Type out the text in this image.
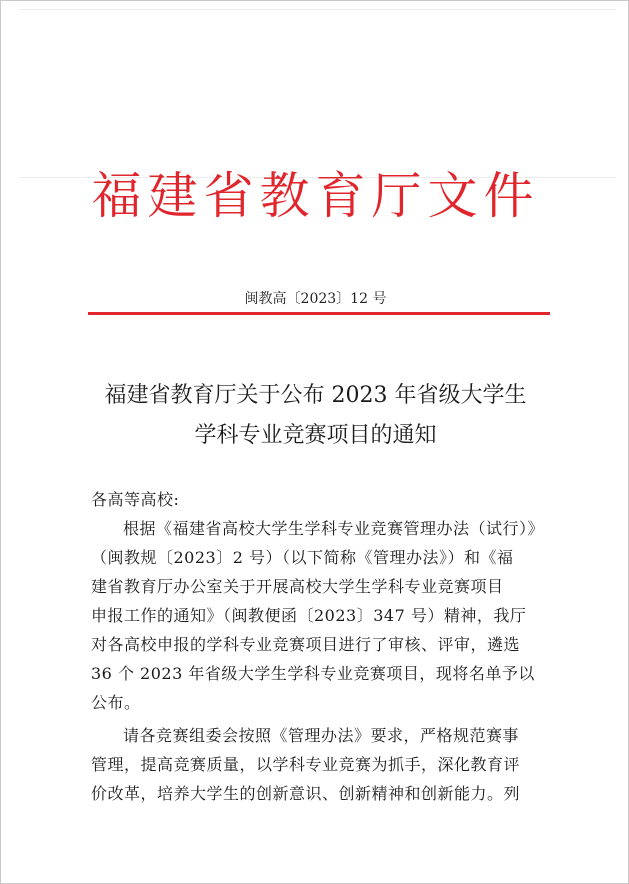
福建省教育厅文件
闽教高〔2023〕12 号
福建省教育厅关于公布 2023 年省级大学生
学科专业竞赛项目的通知
各高等高校:
根据《福建省高校大学生学科专业竞赛管理办法（试行）》
（闽教规〔2023〕2 号）（以下简称《管理办法》）和《福
建省教育厅办公室关于开展高校大学生学科专业竞赛项目
申报工作的通知》（闽教便函〔2023〕347 号）精神，我厅
对各高校申报的学科专业竞赛项目进行了审核、评审，遴选
36 个 2023 年省级大学生学科专业竞赛项目，现将名单予以
公布。
请各竞赛组委会按照《管理办法》要求，严格规范赛事
管理，提高竞赛质量，以学科专业竞赛为抓手，深化教育评
价改革，培养大学生的创新意识、创新精神和创新能力。列
